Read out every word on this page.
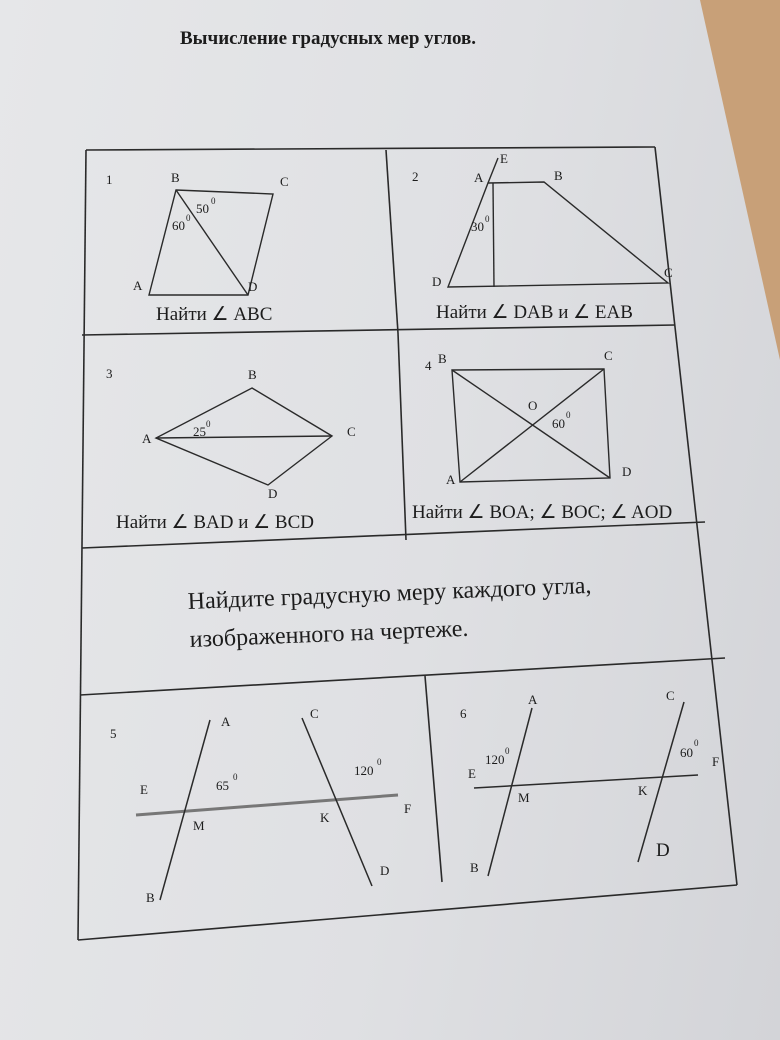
Вычисление градусных мер углов.
1	B	C
A	D
50 0
60 0
Найти ∠ ABC
2
E
A	B
D
C
30 0
Найти ∠ DAB и ∠ EAB
3	B
C
A
D
25 0
Найти ∠ BAD и ∠ BCD
4 B	C
O
60
0
A
D
Найти ∠ BOA; ∠ BOC; ∠ AOD
Найдите градусную меру каждого угла,
изображенного на чертеже.
5
A
C
E	65
0	120
0
F
M
K
D
B
6
A	C
120
0	60
0
E
F
M	K
D
B
